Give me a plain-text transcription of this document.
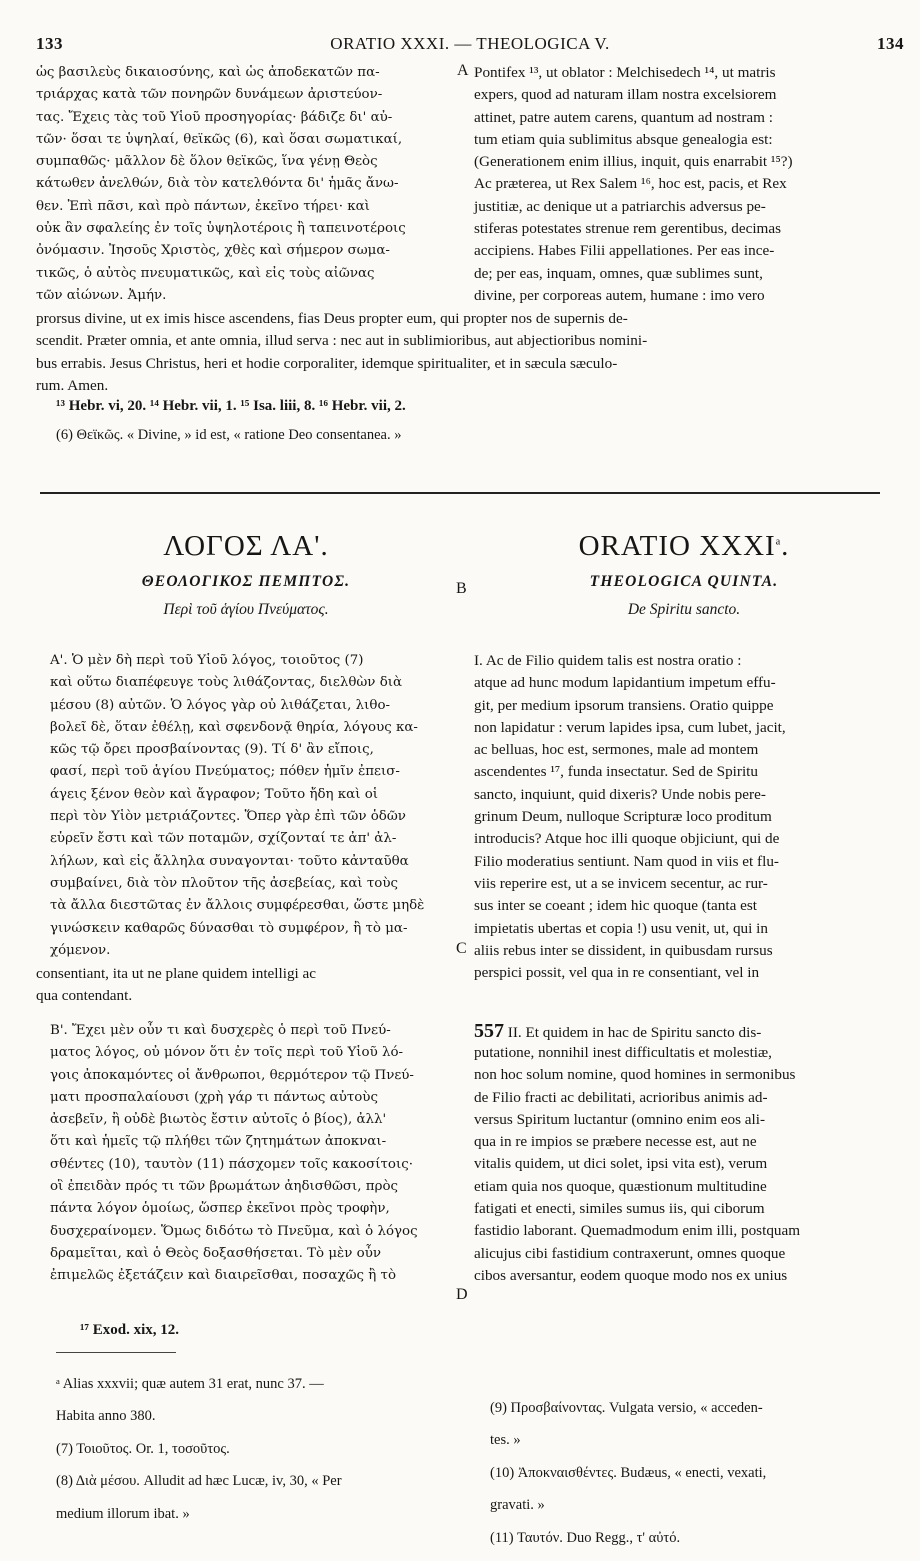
133	ORATIO XXXI. — THEOLOGICA V.	134

ὡς βασιλεὺς δικαιοσύνης, καὶ ὡς ἀποδεκατῶν πα-

τριάρχας κατὰ τῶν πονηρῶν δυνάμεων ἀριστεύον-

τας. Ἔχεις τὰς τοῦ Υἱοῦ προσηγορίας· βάδιζε δι' αὐ-

τῶν· ὅσαι τε ὑψηλαί, θεϊκῶς (6), καὶ ὅσαι σωματικαί,

συμπαθῶς· μᾶλλον δὲ ὅλον θεϊκῶς, ἵνα γένῃ Θεὸς

κάτωθεν ἀνελθών, διὰ τὸν κατελθόντα δι' ἡμᾶς ἄνω-

θεν. Ἐπὶ πᾶσι, καὶ πρὸ πάντων, ἐκεῖνο τήρει· καὶ

οὐκ ἂν σφαλείης ἐν τοῖς ὑψηλοτέροις ἢ ταπεινοτέροις

ὀνόμασιν. Ἰησοῦς Χριστὸς, χθὲς καὶ σήμερον σωμα-

τικῶς, ὁ αὐτὸς πνευματικῶς, καὶ εἰς τοὺς αἰῶνας

τῶν αἰώνων. Ἀμήν.

A Pontifex ¹³, ut oblator : Melchisedech ¹⁴, ut matris

expers, quod ad naturam illam nostra excelsiorem

attinet, patre autem carens, quantum ad nostram :

tum etiam quia sublimitus absque genealogia est:

(Generationem enim illius, inquit, quis enarrabit ¹⁵?)

Ac præterea, ut Rex Salem ¹⁶, hoc est, pacis, et Rex

justitiæ, ac denique ut a patriarchis adversus pe-

stiferas potestates strenue rem gerentibus, decimas

accipiens. Habes Filii appellationes. Per eas ince-

de; per eas, inquam, omnes, quæ sublimes sunt,

divine, per corporeas autem, humane : imo vero

prorsus divine, ut ex imis hisce ascendens, fias Deus propter eum, qui propter nos de supernis de-

scendit. Præter omnia, et ante omnia, illud serva : nec aut in sublimioribus, aut abjectioribus nomini-

bus errabis. Jesus Christus, heri et hodie corporaliter, idemque spiritualiter, et in sæcula sæculo-

rum. Amen.

¹³ Hebr. vi, 20. ¹⁴ Hebr. vii, 1. ¹⁵ Isa. liii, 8. ¹⁶ Hebr. vii, 2.
(6) Θεϊκῶς. « Divine, » id est, « ratione Deo consentanea. »
ΛΟΓΟΣ ΛΑ'.
ΘΕΟΛΟΓΙΚΟΣ ΠΕΜΠΤΟΣ.
Περὶ τοῦ ἁγίου Πνεύματος.
B
ORATIO XXXI$^a$.
THEOLOGICA QUINTA.
De Spiritu sancto.

Α'. Ὁ μὲν δὴ περὶ τοῦ Υἱοῦ λόγος, τοιοῦτος (7)

καὶ οὕτω διαπέφευγε τοὺς λιθάζοντας, διελθὼν διὰ

μέσου (8) αὐτῶν. Ὁ λόγος γὰρ οὐ λιθάζεται, λιθο-

βολεῖ δὲ, ὅταν ἐθέλῃ, καὶ σφενδονᾷ θηρία, λόγους κα-

κῶς τῷ ὄρει προσβαίνοντας (9). Τί δ' ἂν εἴποις,

φασί, περὶ τοῦ ἁγίου Πνεύματος; πόθεν ἡμῖν ἐπεισ-

άγεις ξένον θεὸν καὶ ἄγραφον; Τοῦτο ἤδη καὶ οἱ

περὶ τὸν Υἱὸν μετριάζοντες. Ὅπερ γὰρ ἐπὶ τῶν ὁδῶν

εὑρεῖν ἔστι καὶ τῶν ποταμῶν, σχίζονταί τε ἀπ' ἀλ-

λήλων, καὶ εἰς ἄλληλα συναγονται· τοῦτο κἀνταῦθα

συμβαίνει, διὰ τὸν πλοῦτον τῆς ἀσεβείας, καὶ τοὺς

τὰ ἄλλα διεστῶτας ἐν ἄλλοις συμφέρεσθαι, ὥστε μηδὲ

γινώσκειν καθαρῶς δύνασθαι τὸ συμφέρον, ἢ τὸ μα-

χόμενον.

consentiant, ita ut ne plane quidem intelligi ac

qua contendant.

Β'. Ἔχει μὲν οὖν τι καὶ δυσχερὲς ὁ περὶ τοῦ Πνεύ-

ματος λόγος, οὐ μόνον ὅτι ἐν τοῖς περὶ τοῦ Υἱοῦ λό-

γοις ἀποκαμόντες οἱ ἄνθρωποι, θερμότερον τῷ Πνεύ-

ματι προσπαλαίουσι (χρὴ γάρ τι πάντως αὐτοὺς

ἀσεβεῖν, ἢ οὐδὲ βιωτὸς ἔστιν αὐτοῖς ὁ βίος), ἀλλ'

ὅτι καὶ ἡμεῖς τῷ πλήθει τῶν ζητημάτων ἀποκναι-

σθέντες (10), ταυτὸν (11) πάσχομεν τοῖς κακοσίτοις·

οἳ ἐπειδὰν πρός τι τῶν βρωμάτων ἀηδισθῶσι, πρὸς

πάντα λόγον ὁμοίως, ὥσπερ ἐκεῖνοι πρὸς τροφὴν,

δυσχεραίνομεν. Ὅμως διδότω τὸ Πνεῦμα, καὶ ὁ λόγος

δραμεῖται, καὶ ὁ Θεὸς δοξασθήσεται. Τὸ μὲν οὖν

ἐπιμελῶς ἐξετάζειν καὶ διαιρεῖσθαι, ποσαχῶς ἢ τὸ

C
D
¹⁷ Exod. xix, 12.

I. Ac de Filio quidem talis est nostra oratio :

atque ad hunc modum lapidantium impetum effu-

git, per medium ipsorum transiens. Oratio quippe

non lapidatur : verum lapides ipsa, cum lubet, jacit,

ac belluas, hoc est, sermones, male ad montem

ascendentes ¹⁷, funda insectatur. Sed de Spiritu

sancto, inquiunt, quid dixeris? Unde nobis pere-

grinum Deum, nulloque Scripturæ loco proditum

introducis? Atque hoc illi quoque objiciunt, qui de

Filio moderatius sentiunt. Nam quod in viis et flu-

viis reperire est, ut a se invicem secentur, ac rur-

sus inter se coeant ; idem hic quoque (tanta est

impietatis ubertas et copia !) usu venit, ut, qui in

aliis rebus inter se dissident, in quibusdam rursus

perspici possit, vel qua in re consentiant, vel in

557 II. Et quidem in hac de Spiritu sancto dis-

putatione, nonnihil inest difficultatis et molestiæ,

non hoc solum nomine, quod homines in sermonibus

de Filio fracti ac debilitati, acrioribus animis ad-

versus Spiritum luctantur (omnino enim eos ali-

qua in re impios se præbere necesse est, aut ne

vitalis quidem, ut dici solet, ipsi vita est), verum

etiam quia nos quoque, quæstionum multitudine

fatigati et enecti, similes sumus iis, qui ciborum

fastidio laborant. Quemadmodum enim illi, postquam

alicujus cibi fastidium contraxerunt, omnes quoque

cibos aversantur, eodem quoque modo nos ex unius

ᵃ Alias xxxvii; quæ autem 31 erat, nunc 37. —

Habita anno 380.

(7) Τοιοῦτος. Or. 1, τοσοῦτος.

(8) Διὰ μέσου. Alludit ad hæc Lucæ, iv, 30, « Per

medium illorum ibat. »

(9) Προσβαίνοντας. Vulgata versio, « acceden-

tes. »

(10) Ἀποκναισθέντες. Budæus, « enecti, vexati,

gravati. »

(11) Ταυτόν. Duo Regg., τ' αὐτό.
